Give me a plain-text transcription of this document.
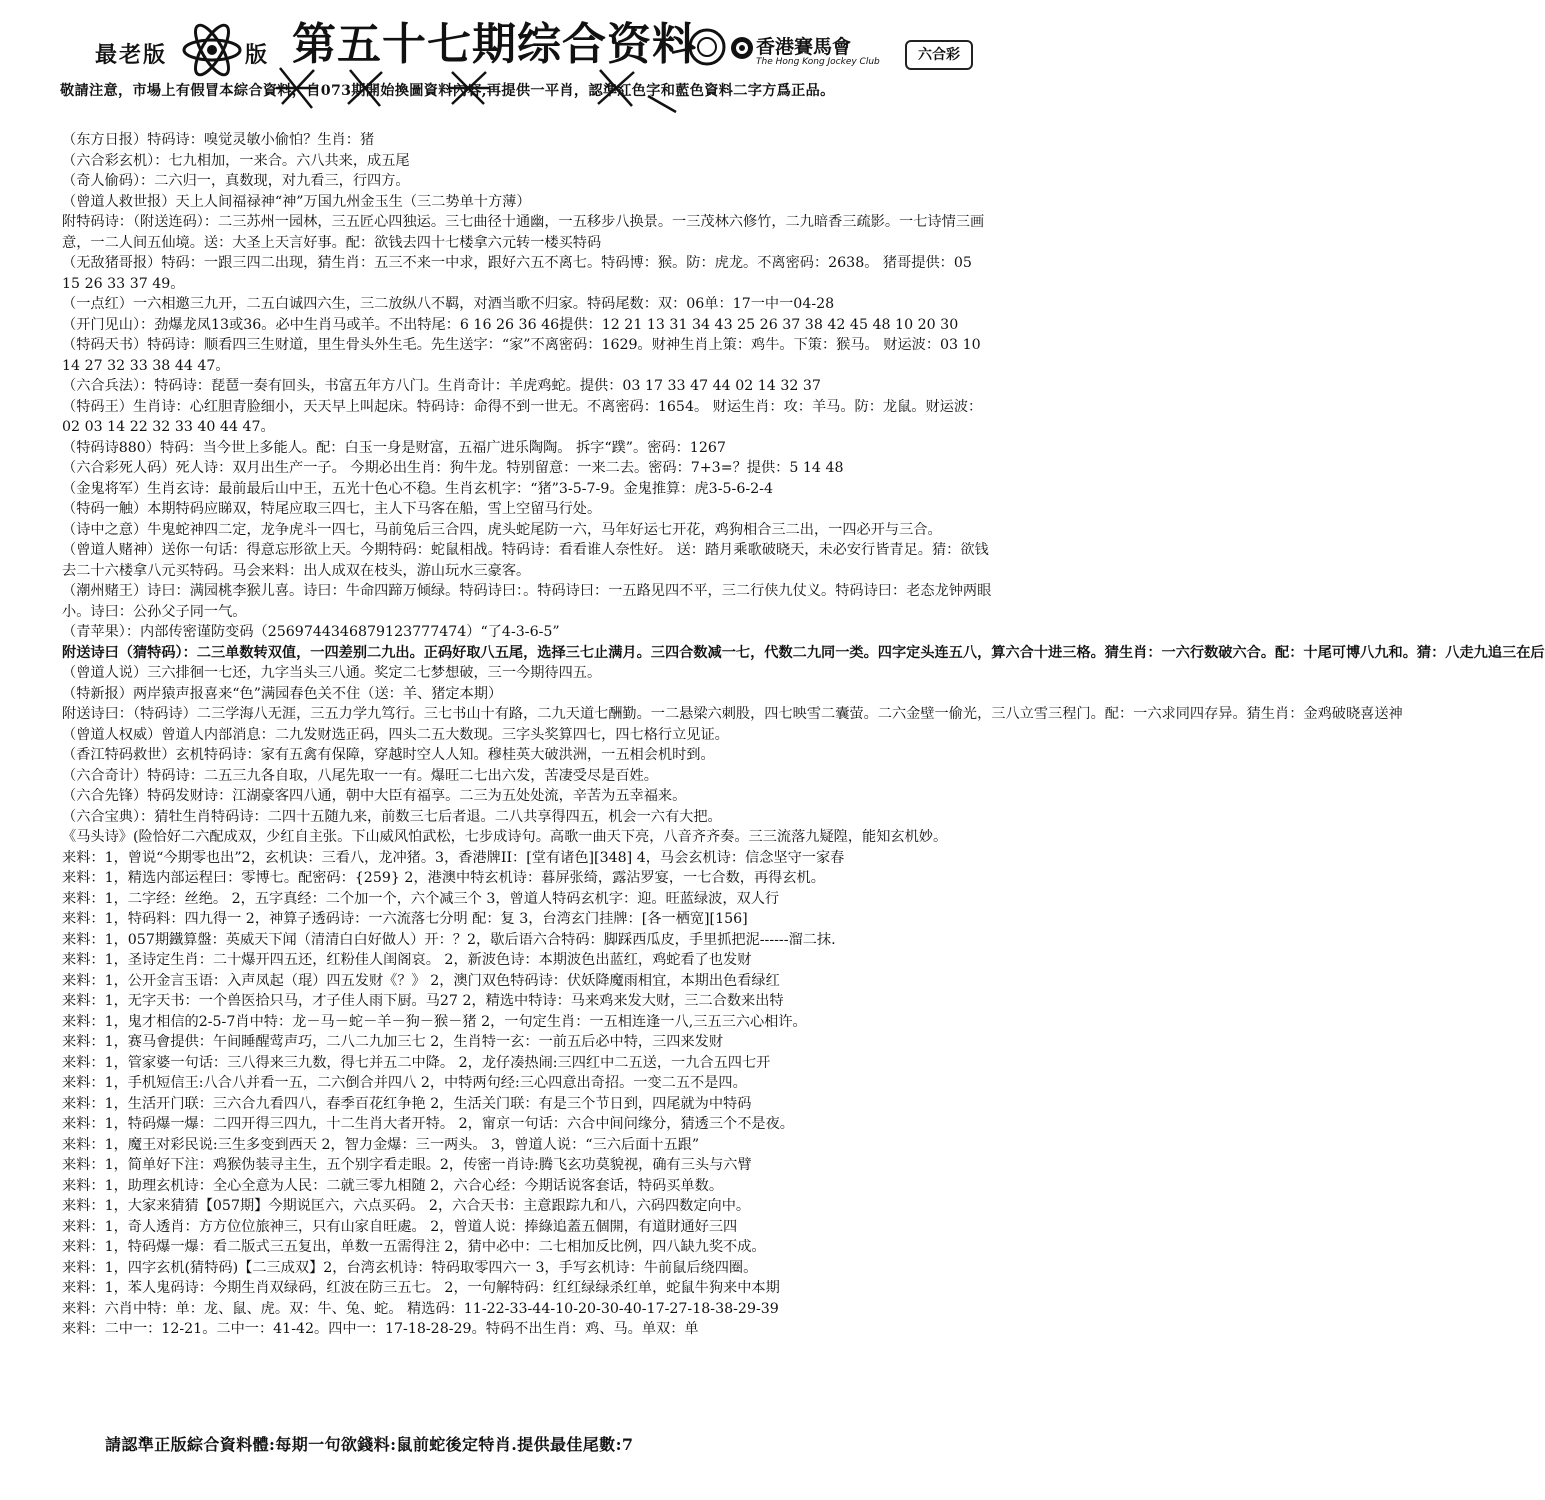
最老版	版 第五十七期综合资料	香港賽馬會
The Hong Kong Jockey Club	六合彩
敬請注意，市場上有假冒本綜合資料，自073期開始換圖資料內容,再提供一平肖，認準紅色字和藍色資料二字方爲正品。
（东方日报）特码诗：嗅觉灵敏小偷怕？生肖：猪
（六合彩玄机）：七九相加，一来合。六八共来，成五尾
（奇人偷码）：二六归一，真数现，对九看三，行四方。
（曾道人救世报）天上人间福禄神“神”万国九州金玉生（三二势单十方薄）
附特码诗：（附送连码）：二三苏州一园林，三五匠心四独运。三七曲径十通幽，一五移步八换景。一三茂林六修竹，二九暗香三疏影。一七诗情三画意，一二人间五仙境。送：大圣上天言好事。配：欲钱去四十七楼拿六元转一楼买特码
（无敌猪哥报）特码：一跟三四二出现，猜生肖：五三不来一中求，跟好六五不离七。特码博：猴。防：虎龙。不离密码：2638。 猪哥提供：05 15 26 33 37 49。
（一点红）一六相邀三九开，二五白诚四六生，三二放纵八不羁，对酒当歌不归家。特码尾数：双：06单：17一中一04-28
（开门见山）：劲爆龙凤13或36。必中生肖马或羊。不出特尾：6 16 26 36 46提供：12 21 13 31 34 43 25 26 37 38 42 45 48 10 20 30
（特码天书）特码诗：顺看四三生财道，里生骨头外生毛。先生送字：“家”不离密码：1629。财神生肖上策：鸡牛。下策：猴马。 财运波：03 10 14 27 32 33 38 44 47。
（六合兵法）：特码诗：琵琶一奏有回头，书富五年方八门。生肖奇计：羊虎鸡蛇。提供：03 17 33 47 44 02 14 32 37
（特码王）生肖诗：心红胆青脸细小，天天早上叫起床。特码诗：命得不到一世无。不离密码：1654。 财运生肖：攻：羊马。防：龙鼠。财运波：02 03 14 22 32 33 40 44 47。
（特码诗880）特码：当今世上多能人。配：白玉一身是财富，五福广进乐陶陶。 拆字“蹼”。密码：1267
（六合彩死人码）死人诗：双月出生产一子。 今期必出生肖：狗牛龙。特别留意：一来二去。密码：7+3=？提供：5 14 48
（金鬼将军）生肖玄诗：最前最后山中王，五光十色心不稳。生肖玄机字：“猪”3-5-7-9。金鬼推算：虎3-5-6-2-4
（特码一触）本期特码应睇双，特尾应取三四七，主人下马客在船，雪上空留马行处。
（诗中之意）牛鬼蛇神四二定，龙争虎斗一四七，马前兔后三合四，虎头蛇尾防一六，马年好运七开花，鸡狗相合三二出，一四必开与三合。
（曾道人赌神）送你一句话：得意忘形欲上天。今期特码：蛇鼠相战。特码诗：看看谁人奈性好。 送：踏月乘歌破晓天，未必安行皆青足。猜：欲钱去二十六楼拿八元买特码。马会来料：出人成双在枝头，游山玩水三豪客。
（潮州赌王）诗曰：满园桃李猴儿喜。诗曰：牛命四蹄万倾绿。特码诗曰：。特码诗曰：一五路见四不平，三二行侠九仗义。特码诗曰：老态龙钟两眼小。诗曰：公孙父子同一气。
（青苹果）：内部传密谨防变码（256974434687912377747​4）“了4-3-6-5”
附送诗曰（猜特码）：二三单数转双值，一四差别二九出。正码好取八五尾，选择三七止满月。三四合数减一七，代数二九同一类。四字定头连五八，算六合十进三格。猜生肖：一六行数破六合。配：十尾可博八九和。猜：八走九追三在后
（曾道人说）三六排徊一七还，九字当头三八通。奖定二七梦想破，三一今期待四五。
（特新报）两岸猿声报喜来“色”满园春色关不住（送：羊、猪定本期）
附送诗曰：（特码诗）二三学海八无涯，三五力学九笃行。三七书山十有路，二九天道七酬勤。一二悬梁六刺股，四七映雪二囊萤。二六金壁一偷光，三八立雪三程门。配：一六求同四存异。猜生肖：金鸡破晓喜送神
（曾道人权威）曾道人内部消息：二九发财选正码，四头二五大数现。三字头奖算四七，四七格行立见证。
（香江特码救世）玄机特码诗：家有五禽有保障，穿越时空人人知。穆桂英大破洪洲，一五相会机时到。
（六合奇计）特码诗：二五三九各自取，八尾先取一一有。爆旺二七出六发，苦凄受尽是百姓。
（六合先锋）特码发财诗：江湖豪客四八通，朝中大臣有福享。二三为五处处流，辛苦为五幸福来。
（六合宝典）：猜牡生肖特码诗：二四十五随九来，前数三七后者退。二八共享得四五，机会一六有大把。
《马头诗》(险恰好二六配成双，少红自主张。下山威风怕武松，七步成诗句。高歌一曲天下亮，八音齐齐奏。三三流落九疑隍，能知玄机妙。
来料：1，曾说“今期零也出”2，玄机诀：三看八，龙冲猪。3，香港牌II：[堂有诸色][348] 4，马会玄机诗：信念坚守一家春
来料：1，精选内部运程曰：零博七。配密码：{259} 2，港澳中特玄机诗：暮屏张绮，露沾罗宴，一七合数，再得玄机。
来料：1，二字经：丝绝。 2，五字真经：二个加一个，六个减三个 3，曾道人特码玄机字：迎。旺蓝绿波，双人行
来料：1，特码料：四九得一 2，神算子透码诗：一六流落七分明 配：复 3，台湾玄门挂牌：[各一栖宽][156]
来料：1，057期鐵算盤：英威天下闻（清清白白好做人）开：？2，歇后语六合特码：脚踩西瓜皮，手里抓把泥------溜二抹.
来料：1，圣诗定生肖：二十爆开四五还，红粉佳人闺阁哀。 2，新波色诗：本期波色出蓝红，鸡蛇看了也发财
来料：1，公开金言玉语：入声凤起（琨）四五发财《？》 2，澳门双色特码诗：伏妖降魔雨相宜，本期出色看绿红
来料：1，无字天书：一个兽医拾只马，才子佳人雨下厨。马27 2，精选中特诗：马来鸡来发大财，三二合数来出特
来料：1，鬼才相信的2-5-7肖中特：龙－马－蛇－羊－狗－猴－猪 2，一句定生肖：一五相连逢一八,三五三六心相许。
来料：1，赛马會提供：午间睡醒莺声巧，二八二九加三七 2，生肖特一玄：一前五后必中特，三四来发财
来料：1，管家婆一句话：三八得来三九数，得七并五二中降。 2，龙仔凑热闹:三四红中二五送，一九合五四七开
来料：1，手机短信王:八合八并看一五，二六倒合并四八 2，中特两句经:三心四意出奇招。一变二五不是四。
来料：1，生活开门联：三六合九看四八，春季百花红争艳 2，生活关门联：有是三个节日到，四尾就为中特码
来料：1，特码爆一爆：二四开得三四九，十二生肖大者开特。 2，甯京一句话：六合中间问缘分，猜透三个不是夜。
来料：1，魔王对彩民说:三生多变到西天 2，智力金爆：三一两头。 3，曾道人说：“三六后面十五跟”
来料：1，简单好下注：鸡猴伪装寻主生，五个别字看走眼。2，传密一肖诗:腾飞玄功莫貌视，确有三头与六臂
来料：1，助理玄机诗：全心全意为人民：二就三零九相随 2，六合心经：今期话说客套话，特码买单数。
来料：1，大家来猜猜【057期】今期说匡六，六点买码。 2，六合天书：主意跟踪九和八，六码四数定向中。
来料：1，奇人透肖：方方位位旅神三，只有山家自旺處。 2，曾道人说：捧綠追蓋五個開，有道財通好三四
来料：1，特码爆一爆：看二版式三五复出，单数一五需得注 2，猜中必中：二七相加反比例，四八缺九奖不成。
来料：1，四字玄机(猜特码)【二三成双】2，台湾玄机诗：特码取零四六一 3，手写玄机诗：牛前鼠后绕四圈。
来料：1，苯人鬼码诗：今期生肖双绿码，红波在防三五七。 2，一句解特码：红红绿绿杀红单，蛇鼠牛狗来中本期
来料：六肖中特：单：龙、鼠、虎。双：牛、兔、蛇。 精选码：11-22-33-44-10-20-30-40-17-27-18-38-29-39
来料：二中一：12-21。二中一：41-42。四中一：17-18-28-29。特码不出生肖：鸡、马。单双：单
請認準正版綜合資料體:每期一句欲錢料:鼠前蛇後定特肖.提供最佳尾數:7
